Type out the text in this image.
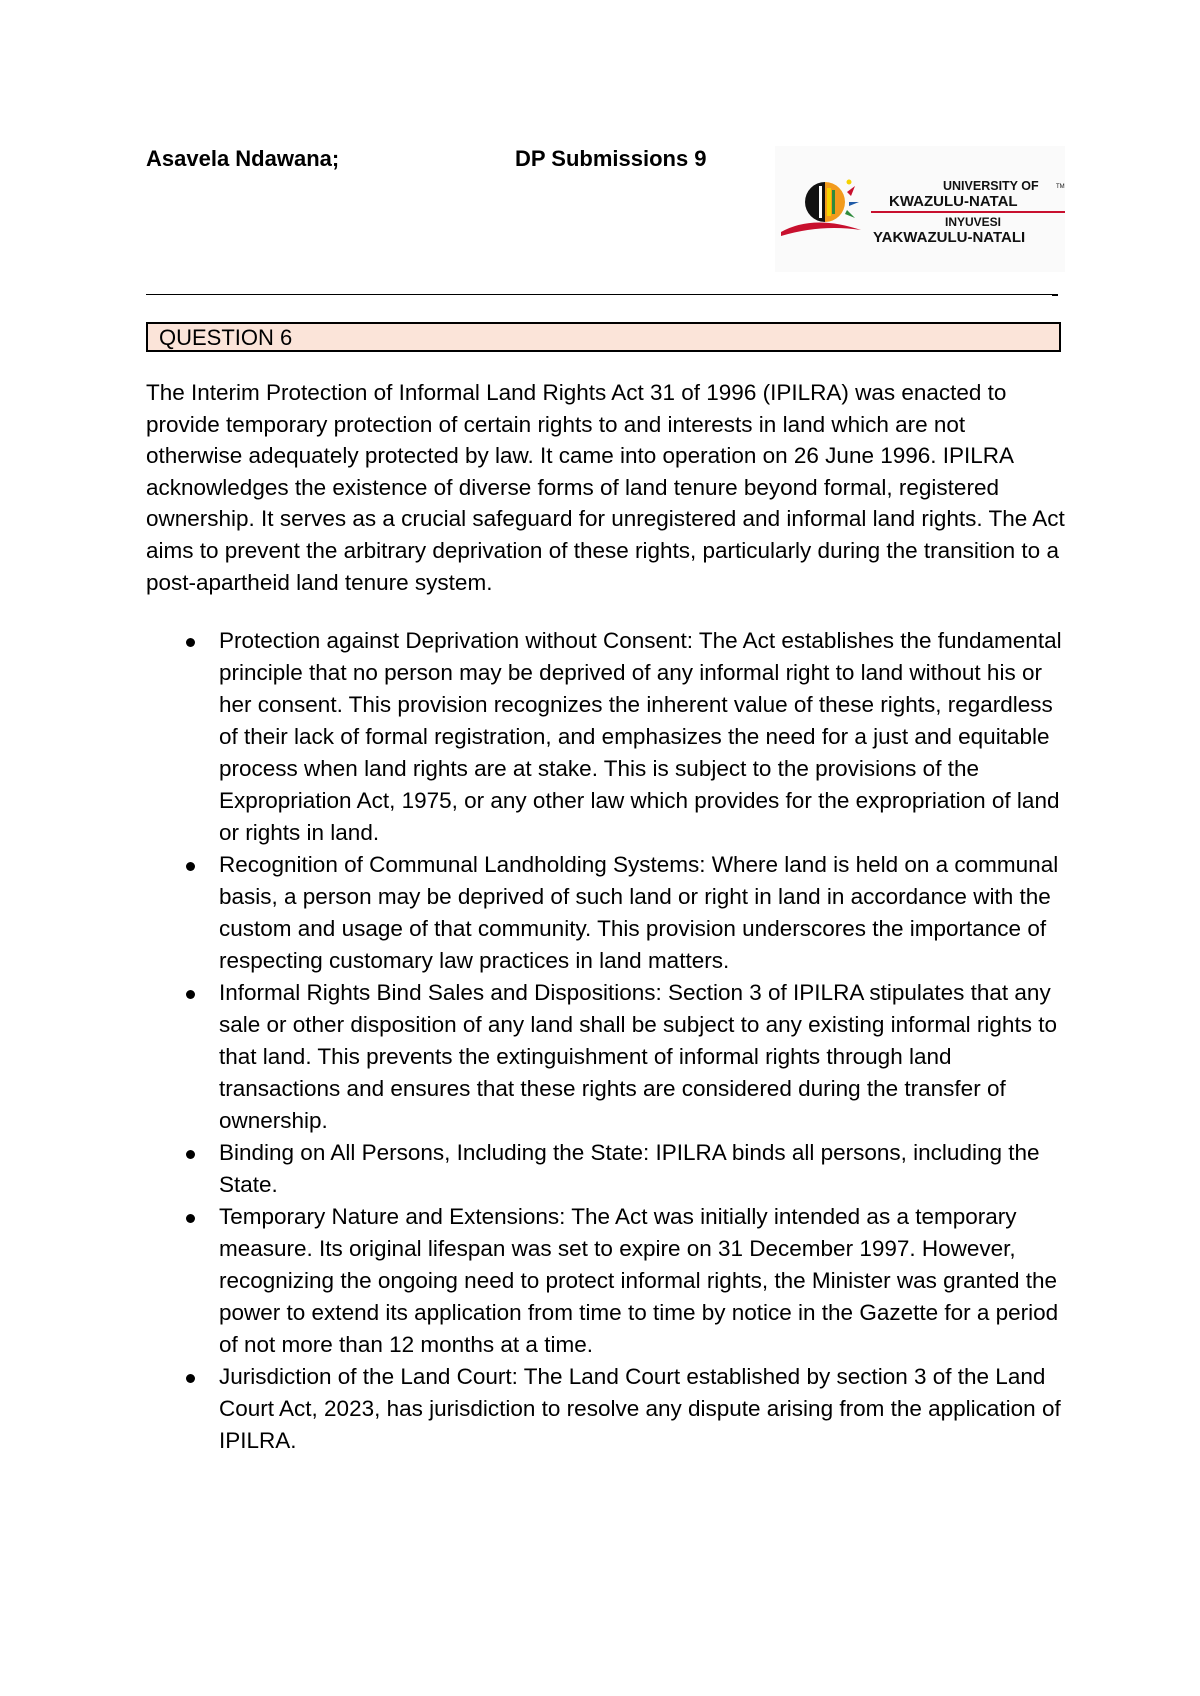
Asavela Ndawana;	DP Submissions 9
UNIVERSITY OF
KWAZULU-NATAL
INYUVESI
YAKWAZULU-NATALI
TM
QUESTION 6

The Interim Protection of Informal Land Rights Act 31 of 1996 (IPILRA) was enacted to provide temporary protection of certain rights to and interests in land which are not otherwise adequately protected by law. It came into operation on 26 June 1996. IPILRA acknowledges the existence of diverse forms of land tenure beyond formal, registered ownership. It serves as a crucial safeguard for unregistered and informal land rights. The Act aims to prevent the arbitrary deprivation of these rights, particularly during the transition to a post-apartheid land tenure system.

Protection against Deprivation without Consent: The Act establishes the fundamental principle that no person may be deprived of any informal right to land without his or her consent. This provision recognizes the inherent value of these rights, regardless of their lack of formal registration, and emphasizes the need for a just and equitable process when land rights are at stake. This is subject to the provisions of the Expropriation Act, 1975, or any other law which provides for the expropriation of land or rights in land.
Recognition of Communal Landholding Systems: Where land is held on a communal basis, a person may be deprived of such land or right in land in accordance with the custom and usage of that community. This provision underscores the importance of respecting customary law practices in land matters.
Informal Rights Bind Sales and Dispositions: Section 3 of IPILRA stipulates that any sale or other disposition of any land shall be subject to any existing informal rights to that land. This prevents the extinguishment of informal rights through land transactions and ensures that these rights are considered during the transfer of ownership.
Binding on All Persons, Including the State: IPILRA binds all persons, including the State.
Temporary Nature and Extensions: The Act was initially intended as a temporary measure. Its original lifespan was set to expire on 31 December 1997. However, recognizing the ongoing need to protect informal rights, the Minister was granted the power to extend its application from time to time by notice in the Gazette for a period of not more than 12 months at a time.
Jurisdiction of the Land Court: The Land Court established by section 3 of the Land Court Act, 2023, has jurisdiction to resolve any dispute arising from the application of IPILRA.
